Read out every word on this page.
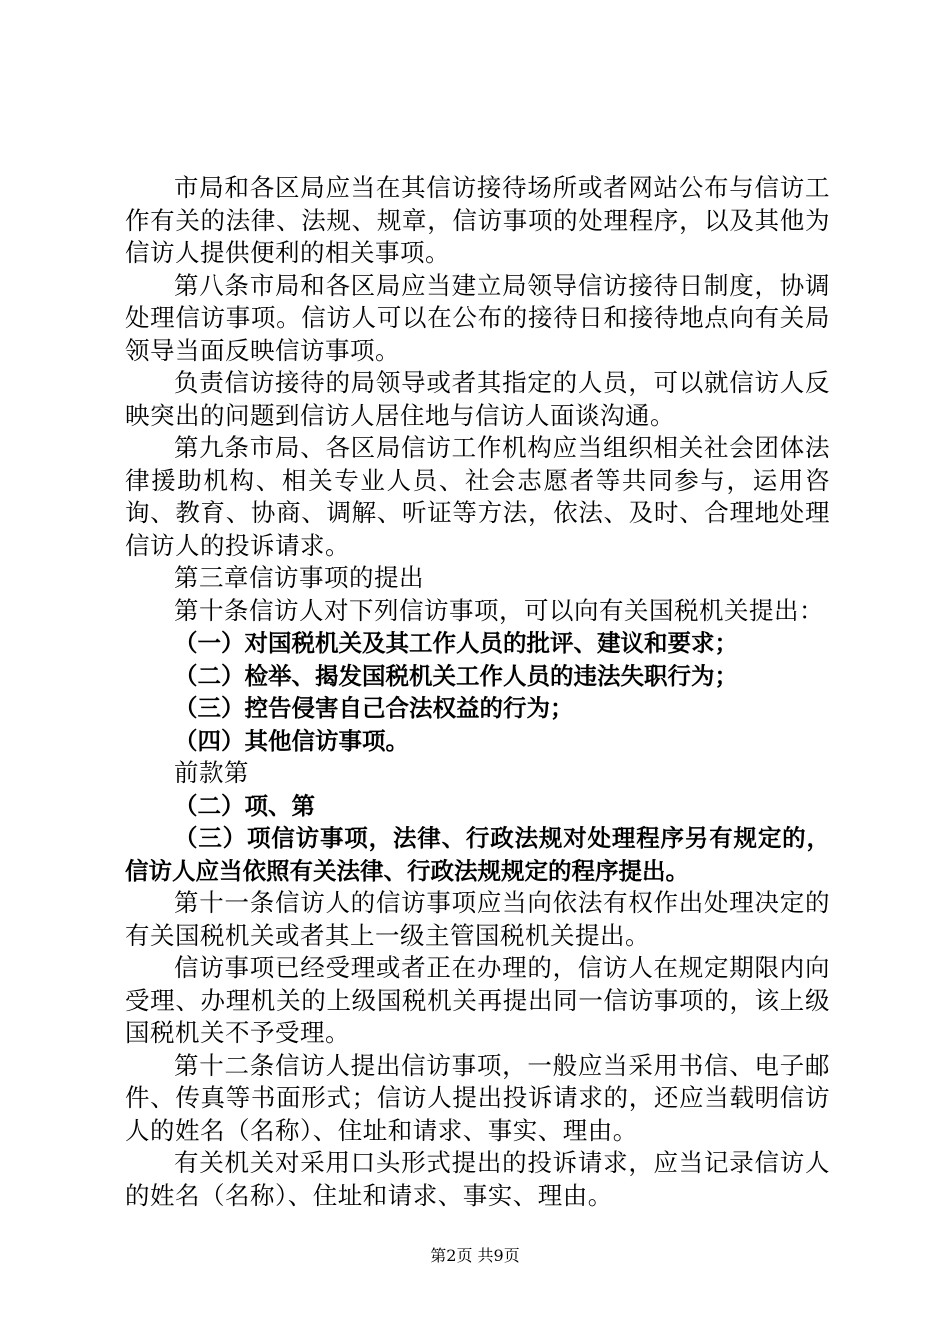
市局和各区局应当在其信访接待场所或者网站公布与信访工作有关的法律、法规、规章，信访事项的处理程序，以及其他为信访人提供便利的相关事项。

第八条市局和各区局应当建立局领导信访接待日制度，协调处理信访事项。信访人可以在公布的接待日和接待地点向有关局领导当面反映信访事项。

负责信访接待的局领导或者其指定的人员，可以就信访人反映突出的问题到信访人居住地与信访人面谈沟通。

第九条市局、各区局信访工作机构应当组织相关社会团体法律援助机构、相关专业人员、社会志愿者等共同参与，运用咨询、教育、协商、调解、听证等方法，依法、及时、合理地处理信访人的投诉请求。

第三章信访事项的提出

第十条信访人对下列信访事项，可以向有关国税机关提出：

（一）对国税机关及其工作人员的批评、建议和要求；

（二）检举、揭发国税机关工作人员的违法失职行为；

（三）控告侵害自己合法权益的行为；

（四）其他信访事项。

前款第

（二）项、第

（三）项信访事项，法律、行政法规对处理程序另有规定的，信访人应当依照有关法律、行政法规规定的程序提出。

第十一条信访人的信访事项应当向依法有权作出处理决定的有关国税机关或者其上一级主管国税机关提出。

信访事项已经受理或者正在办理的，信访人在规定期限内向受理、办理机关的上级国税机关再提出同一信访事项的，该上级国税机关不予受理。

第十二条信访人提出信访事项，一般应当采用书信、电子邮件、传真等书面形式；信访人提出投诉请求的，还应当载明信访人的姓名（名称）、住址和请求、事实、理由。

有关机关对采用口头形式提出的投诉请求，应当记录信访人的姓名（名称）、住址和请求、事实、理由。

第2页 共9页
